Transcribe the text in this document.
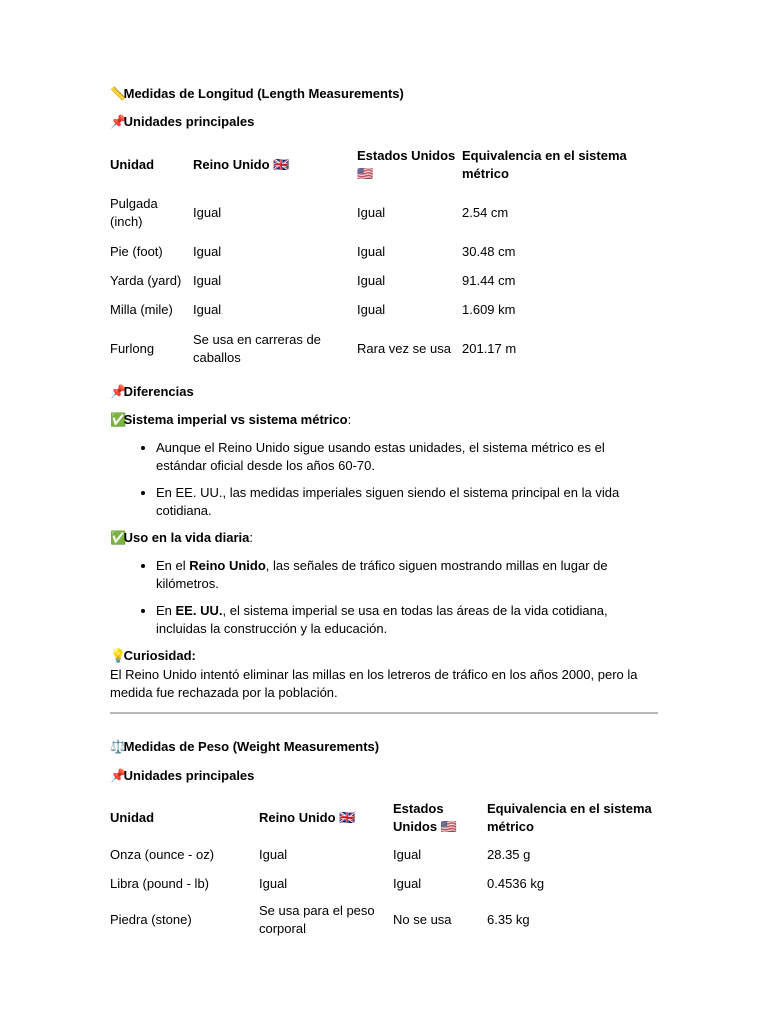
📏 Medidas de Longitud (Length Measurements)

📌 Unidades principales

Unidad	Reino Unido 🇬🇧	Estados Unidos 🇺🇸	Equivalencia en el sistema métrico
Pulgada (inch)	Igual	Igual	2.54 cm
Pie (foot)	Igual	Igual	30.48 cm
Yarda (yard)	Igual	Igual	91.44 cm
Milla (mile)	Igual	Igual	1.609 km
Furlong	Se usa en carreras de caballos	Rara vez se usa	201.17 m

📌 Diferencias

✅ Sistema imperial vs sistema métrico:

• Aunque el Reino Unido sigue usando estas unidades, el sistema métrico es el estándar oficial desde los años 60-70.
• En EE. UU., las medidas imperiales siguen siendo el sistema principal en la vida cotidiana.

✅ Uso en la vida diaria:

• En el Reino Unido, las señales de tráfico siguen mostrando millas en lugar de kilómetros.
• En EE. UU., el sistema imperial se usa en todas las áreas de la vida cotidiana, incluidas la construcción y la educación.

💡 Curiosidad:
El Reino Unido intentó eliminar las millas en los letreros de tráfico en los años 2000, pero la medida fue rechazada por la población.

⚖️ Medidas de Peso (Weight Measurements)

📌 Unidades principales

Unidad	Reino Unido 🇬🇧	Estados Unidos 🇺🇸	Equivalencia en el sistema métrico
Onza (ounce - oz)	Igual	Igual	28.35 g
Libra (pound - lb)	Igual	Igual	0.4536 kg
Piedra (stone)	Se usa para el peso corporal	No se usa	6.35 kg
